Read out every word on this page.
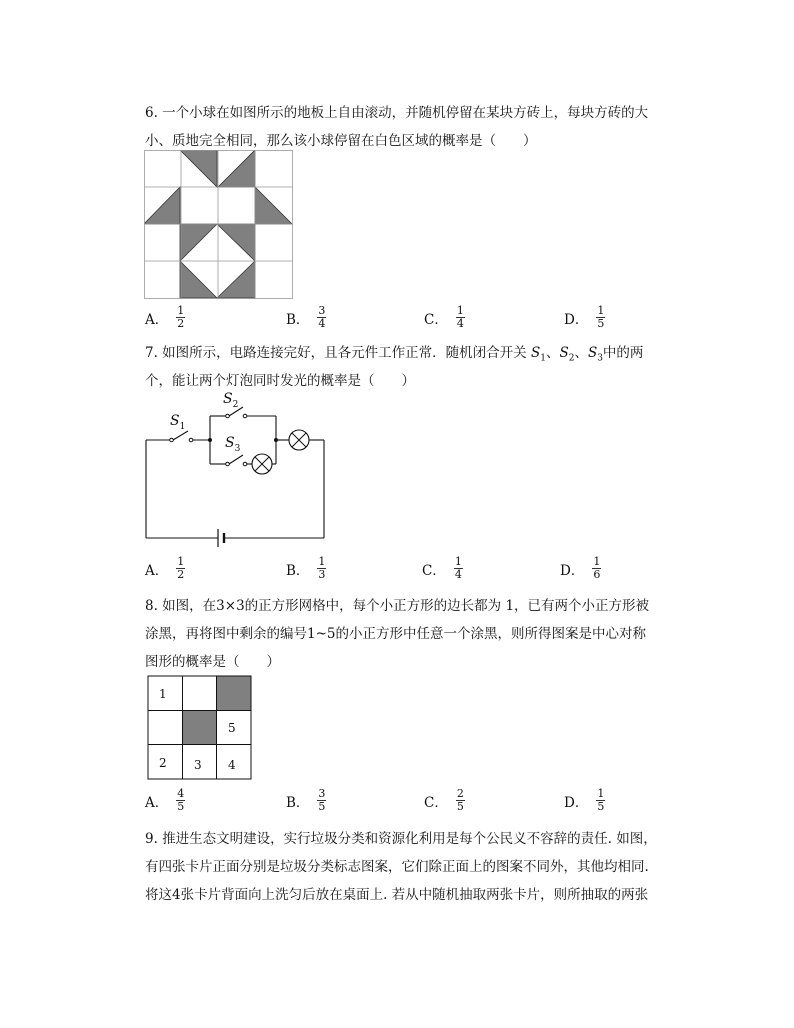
6. 一个小球在如图所示的地板上自由滚动，并随机停留在某块方砖上，每块方砖的大
小、质地完全相同，那么该小球停留在白色区域的概率是（　　）
A． $\frac{1}{2}$	B． $\frac{3}{4}$	C． $\frac{1}{4}$	D． $\frac{1}{5}$
7. 如图所示，电路连接完好，且各元件工作正常．随机闭合开关 $S_1$、$S_2$、$S_3$中的两
个，能让两个灯泡同时发光的概率是（　　）
$S_1$
$S_2$
$S_3$
A． $\frac{1}{2}$	B． $\frac{1}{3}$	C． $\frac{1}{4}$	D． $\frac{1}{6}$
8. 如图，在3×3的正方形网格中，每个小正方形的边长都为 1，已有两个小正方形被
涂黑，再将图中剩余的编号1~5的小正方形中任意一个涂黑，则所得图案是中心对称
图形的概率是（　　）
1
5
2 3 4
A． $\frac{4}{5}$	B． $\frac{3}{5}$	C． $\frac{2}{5}$	D． $\frac{1}{5}$
9. 推进生态文明建设，实行垃圾分类和资源化利用是每个公民义不容辞的责任. 如图，
有四张卡片正面分别是垃圾分类标志图案，它们除正面上的图案不同外，其他均相同.
将这4张卡片背面向上洗匀后放在桌面上. 若从中随机抽取两张卡片，则所抽取的两张
